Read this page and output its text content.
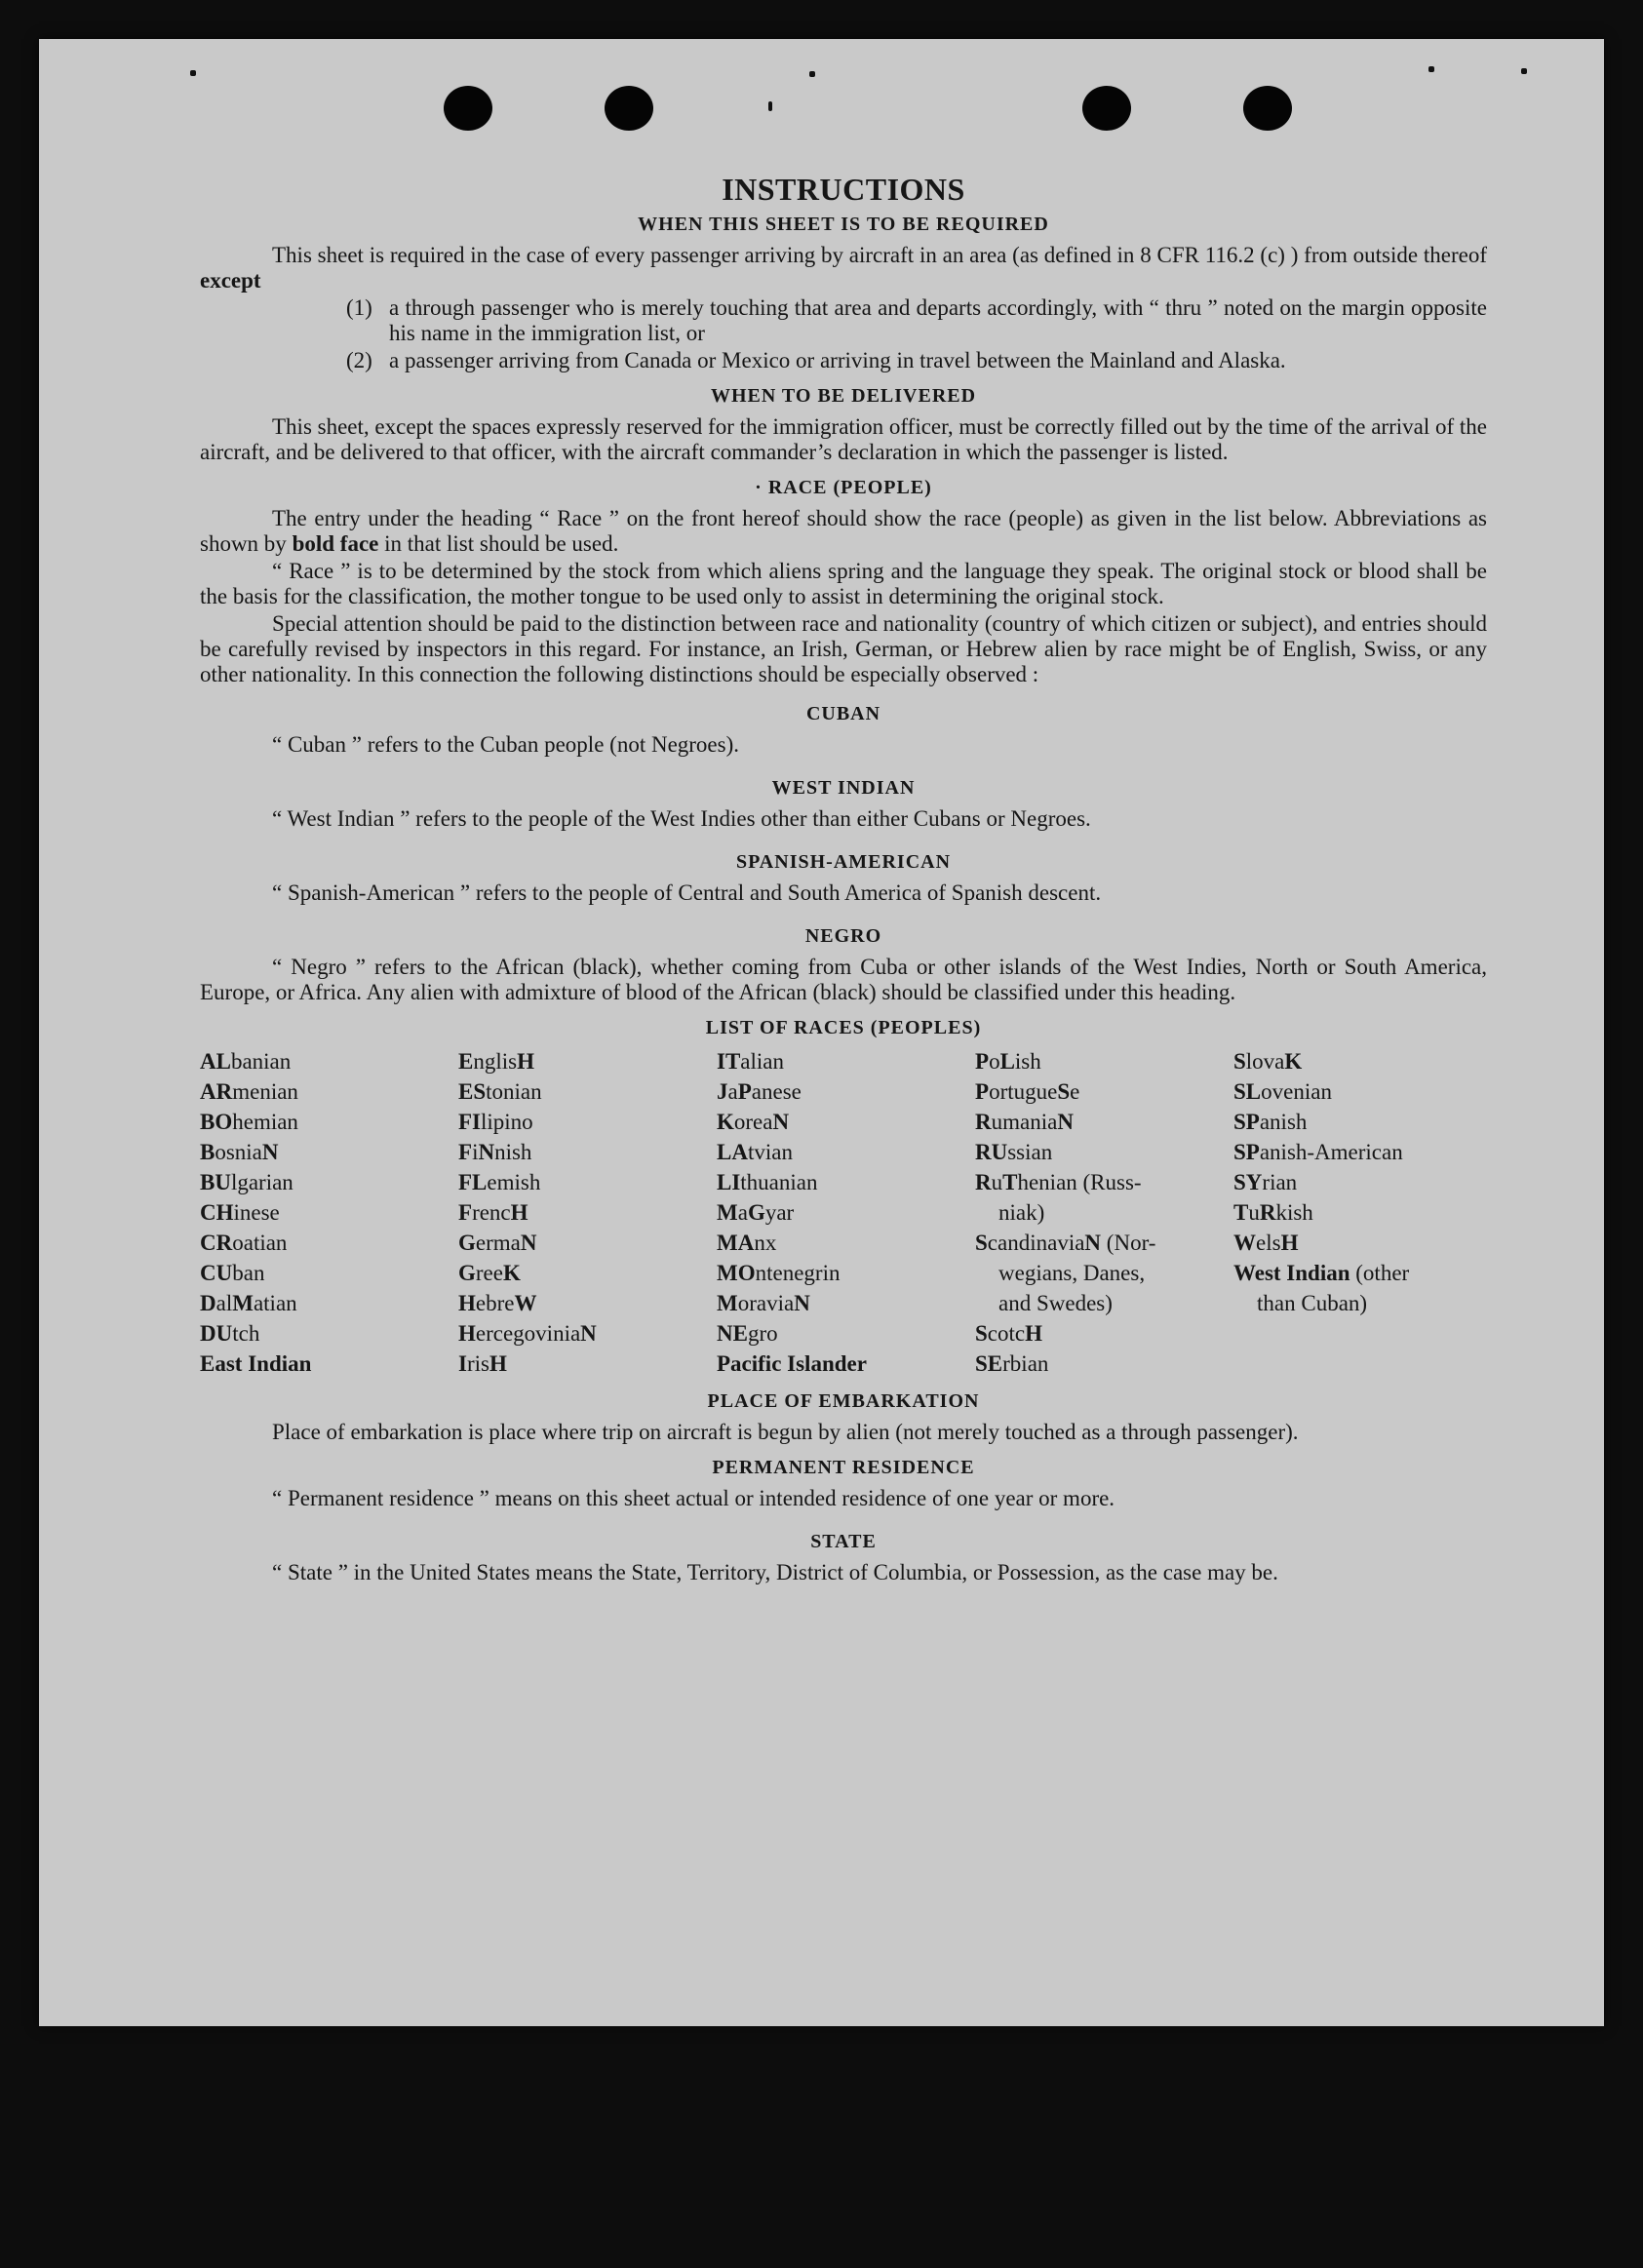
INSTRUCTIONS
WHEN THIS SHEET IS TO BE REQUIRED

This sheet is required in the case of every passenger arriving by aircraft in an area (as defined in 8 CFR 116.2 (c) ) from outside thereof except

(1) a through passenger who is merely touching that area and departs accordingly, with “ thru ” noted on the margin opposite his name in the immigration list, or
(2) a passenger arriving from Canada or Mexico or arriving in travel between the Mainland and Alaska.
WHEN TO BE DELIVERED

This sheet, except the spaces expressly reserved for the immigration officer, must be correctly filled out by the time of the arrival of the aircraft, and be delivered to that officer, with the aircraft commander’s declaration in which the passenger is listed.

· RACE (PEOPLE)

The entry under the heading “ Race ” on the front hereof should show the race (people) as given in the list below. Abbreviations as shown by bold face in that list should be used.

“ Race ” is to be determined by the stock from which aliens spring and the language they speak. The original stock or blood shall be the basis for the classification, the mother tongue to be used only to assist in determining the original stock.

Special attention should be paid to the distinction between race and nationality (country of which citizen or subject), and entries should be carefully revised by inspectors in this regard. For instance, an Irish, German, or Hebrew alien by race might be of English, Swiss, or any other nationality. In this connection the following distinctions should be especially observed :

CUBAN

“ Cuban ” refers to the Cuban people (not Negroes).

WEST INDIAN

“ West Indian ” refers to the people of the West Indies other than either Cubans or Negroes.

SPANISH-AMERICAN

“ Spanish-American ” refers to the people of Central and South America of Spanish descent.

NEGRO

“ Negro ” refers to the African (black), whether coming from Cuba or other islands of the West Indies, North or South America, Europe, or Africa. Any alien with admixture of blood of the African (black) should be classified under this heading.

LIST OF RACES (PEOPLES)
ALbanian
ARmenian
BOhemian
BosniaN
BUlgarian
CHinese
CRoatian
CUban
DalMatian
DUtch
East Indian
EnglisH
EStonian
FIlipino
FiNnish
FLemish
FrencH
GermaN
GreeK
HebreW
HercegoviniaN
IrisH
ITalian
JaPanese
KoreaN
LAtvian
LIthuanian
MaGyar
MAnx
MOntenegrin
MoraviaN
NEgro
Pacific Islander
PoLish
PortugueSe
RumaniaN
RUssian
RuThenian (Russ-
niak)
ScandinaviaN (Nor-
wegians, Danes,
and Swedes)
ScotcH
SErbian
SlovaK
SLovenian
SPanish
SPanish-American
SYrian
TuRkish
WelsH
West Indian (other
than Cuban)
PLACE OF EMBARKATION

Place of embarkation is place where trip on aircraft is begun by alien (not merely touched as a through passenger).

PERMANENT RESIDENCE

“ Permanent residence ” means on this sheet actual or intended residence of one year or more.

STATE

“ State ” in the United States means the State, Territory, District of Columbia, or Possession, as the case may be.
